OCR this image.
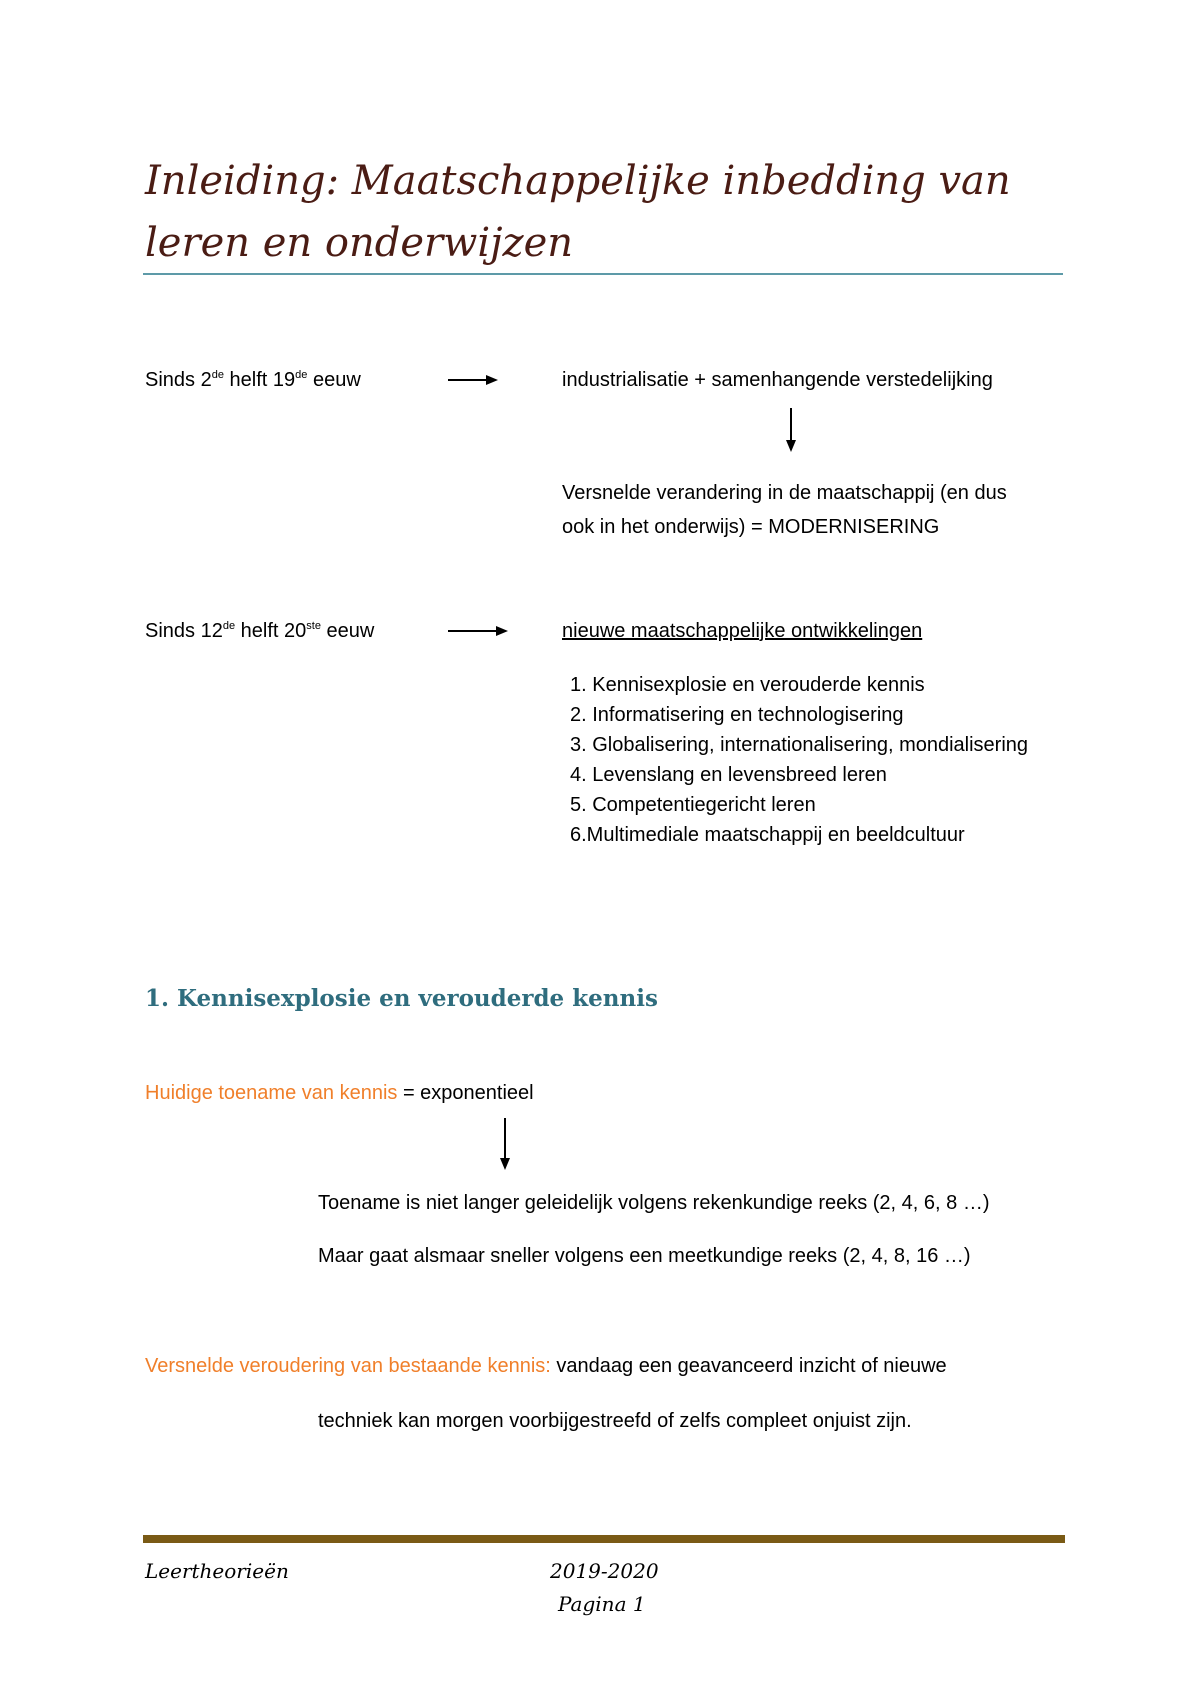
Inleiding: Maatschappelijke inbedding van leren en onderwijzen
Sinds 2de helft 19de eeuw	industrialisatie + samenhangende verstedelijking
Versnelde verandering in de maatschappij (en dus
ook in het onderwijs) = MODERNISERING
Sinds 12de helft 20ste eeuw	nieuwe maatschappelijke ontwikkelingen
1. Kennisexplosie en verouderde kennis
2. Informatisering en technologisering
3. Globalisering, internationalisering, mondialisering
4. Levenslang en levensbreed leren
5. Competentiegericht leren
6.Multimediale maatschappij en beeldcultuur
1. Kennisexplosie en verouderde kennis
Huidige toename van kennis = exponentieel
Toename is niet langer geleidelijk volgens rekenkundige reeks (2, 4, 6, 8 …)
Maar gaat alsmaar sneller volgens een meetkundige reeks (2, 4, 8, 16 …)
Versnelde veroudering van bestaande kennis: vandaag een geavanceerd inzicht of nieuwe
techniek kan morgen voorbijgestreefd of zelfs compleet onjuist zijn.
Leertheorieën	2019-2020
Pagina 1
